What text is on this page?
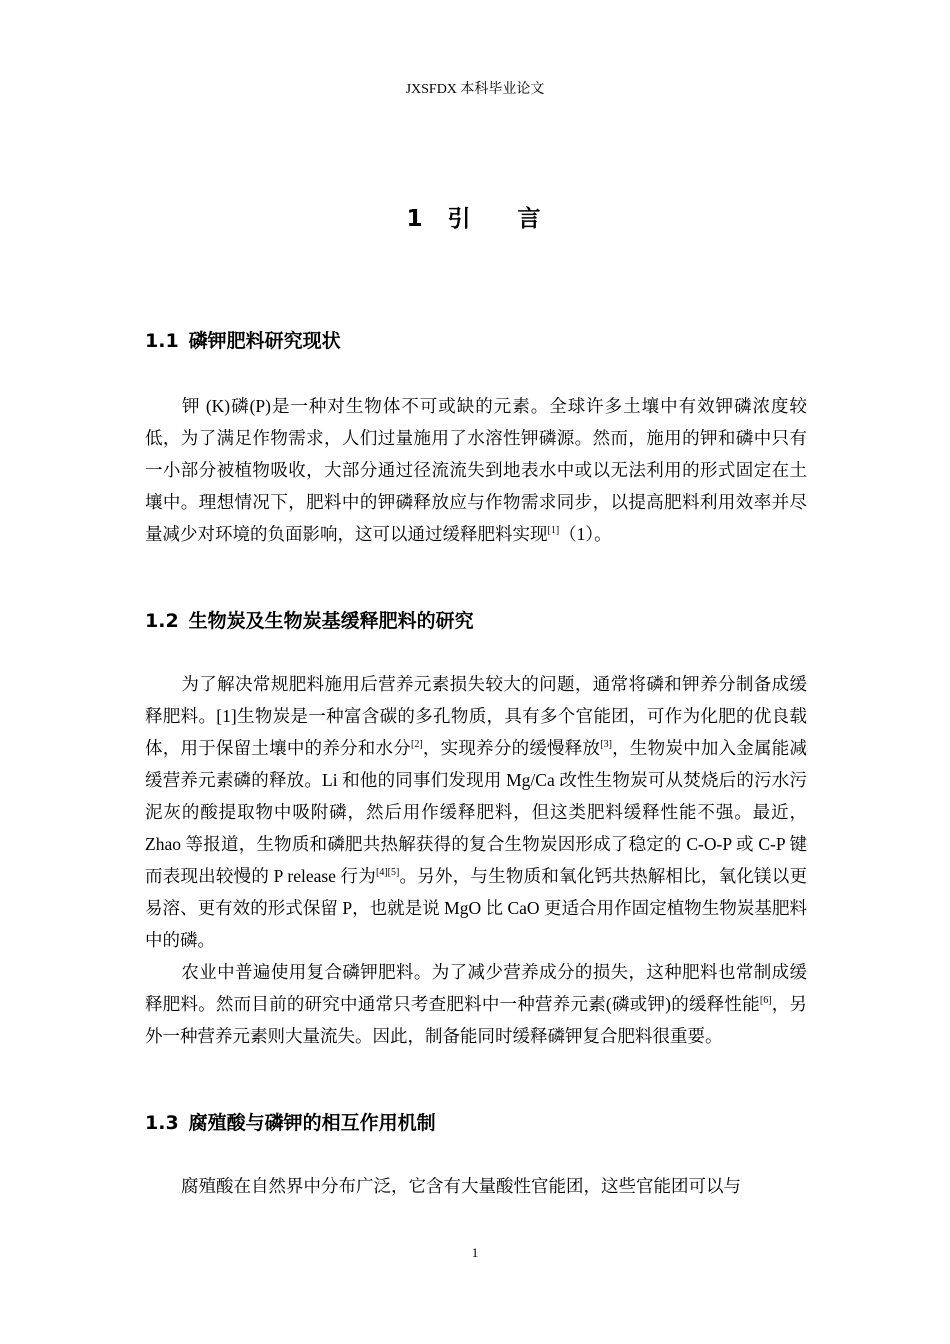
JXSFDX 本科毕业论文
1 引 言
1.1 磷钾肥料研究现状
钾 (K)磷(P)是一种对生物体不可或缺的元素。全球许多土壤中有效钾磷浓度较低，为了满足作物需求，人们过量施用了水溶性钾磷源。然而，施用的钾和磷中只有一小部分被植物吸收，大部分通过径流流失到地表水中或以无法利用的形式固定在土壤中。理想情况下，肥料中的钾磷释放应与作物需求同步，以提高肥料利用效率并尽量减少对环境的负面影响，这可以通过缓释肥料实现[1]（1）。
1.2 生物炭及生物炭基缓释肥料的研究
为了解决常规肥料施用后营养元素损失较大的问题，通常将磷和钾养分制备成缓释肥料。[1]生物炭是一种富含碳的多孔物质，具有多个官能团，可作为化肥的优良载体，用于保留土壤中的养分和水分[2]，实现养分的缓慢释放[3]，生物炭中加入金属能减缓营养元素磷的释放。Li 和他的同事们发现用 Mg/Ca 改性生物炭可从焚烧后的污水污泥灰的酸提取物中吸附磷，然后用作缓释肥料，但这类肥料缓释性能不强。最近，Zhao 等报道，生物质和磷肥共热解获得的复合生物炭因形成了稳定的 C-O-P 或 C-P 键而表现出较慢的 P release 行为[4][5]。另外，与生物质和氧化钙共热解相比，氧化镁以更易溶、更有效的形式保留 P，也就是说 MgO 比 CaO 更适合用作固定植物生物炭基肥料中的磷。
农业中普遍使用复合磷钾肥料。为了减少营养成分的损失，这种肥料也常制成缓释肥料。然而目前的研究中通常只考查肥料中一种营养元素(磷或钾)的缓释性能[6]，另外一种营养元素则大量流失。因此，制备能同时缓释磷钾复合肥料很重要。
1.3 腐殖酸与磷钾的相互作用机制
腐殖酸在自然界中分布广泛，它含有大量酸性官能团，这些官能团可以与
1
